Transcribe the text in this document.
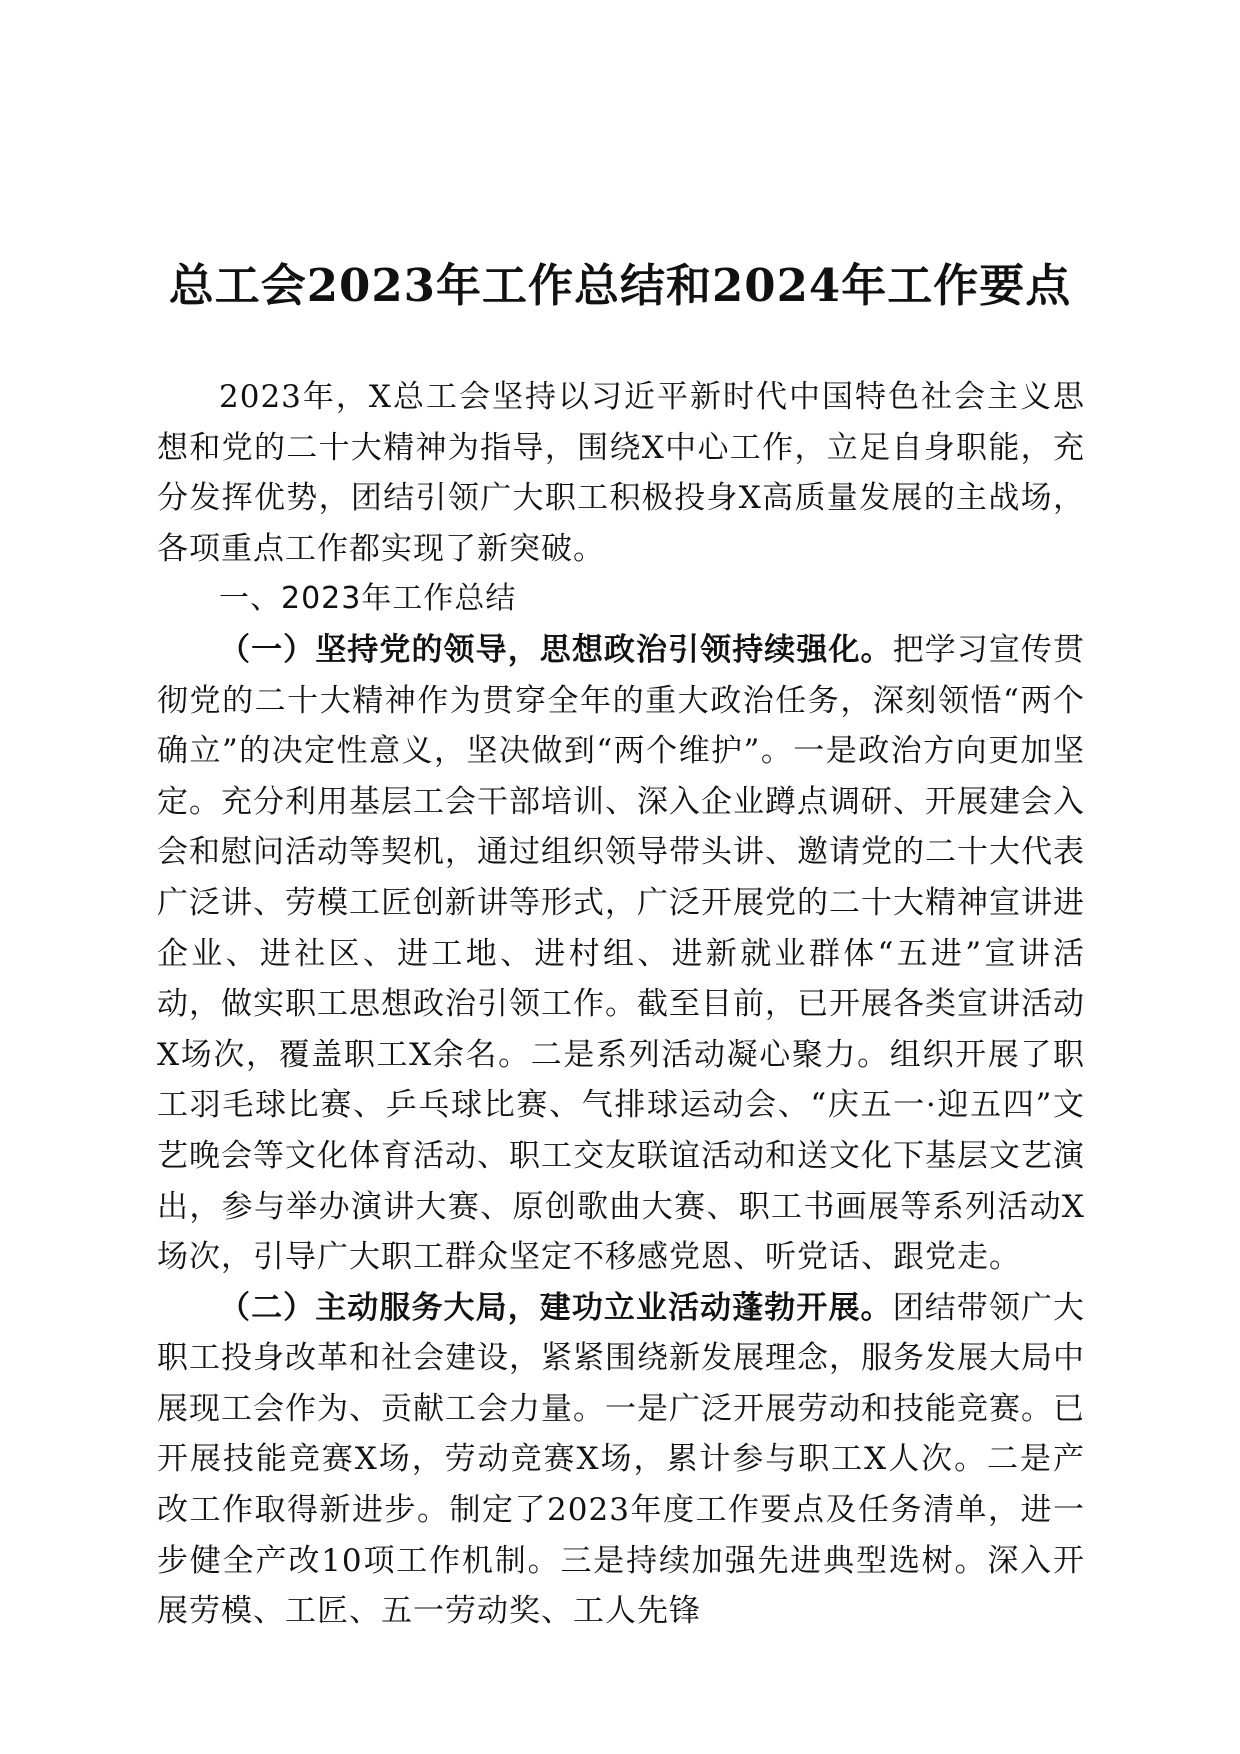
总工会2023年工作总结和2024年工作要点

2023年，X总工会坚持以习近平新时代中国特色社会主义思想和党的二十大精神为指导，围绕X中心工作，立足自身职能，充分发挥优势，团结引领广大职工积极投身X高质量发展的主战场，各项重点工作都实现了新突破。

一、2023年工作总结

（一）坚持党的领导，思想政治引领持续强化。把学习宣传贯彻党的二十大精神作为贯穿全年的重大政治任务，深刻领悟“两个确立”的决定性意义，坚决做到“两个维护”。一是政治方向更加坚定。充分利用基层工会干部培训、深入企业蹲点调研、开展建会入会和慰问活动等契机，通过组织领导带头讲、邀请党的二十大代表广泛讲、劳模工匠创新讲等形式，广泛开展党的二十大精神宣讲进企业、进社区、进工地、进村组、进新就业群体“五进”宣讲活动，做实职工思想政治引领工作。截至目前，已开展各类宣讲活动X场次，覆盖职工X余名。二是系列活动凝心聚力。组织开展了职工羽毛球比赛、乒乓球比赛、气排球运动会、“庆五一·迎五四”文艺晚会等文化体育活动、职工交友联谊活动和送文化下基层文艺演出，参与举办演讲大赛、原创歌曲大赛、职工书画展等系列活动X场次，引导广大职工群众坚定不移感党恩、听党话、跟党走。

（二）主动服务大局，建功立业活动蓬勃开展。团结带领广大职工投身改革和社会建设，紧紧围绕新发展理念，服务发展大局中展现工会作为、贡献工会力量。一是广泛开展劳动和技能竞赛。已开展技能竞赛X场，劳动竞赛X场，累计参与职工X人次。二是产改工作取得新进步。制定了2023年度工作要点及任务清单，进一步健全产改10项工作机制。三是持续加强先进典型选树。深入开展劳模、工匠、五一劳动奖、工人先锋
